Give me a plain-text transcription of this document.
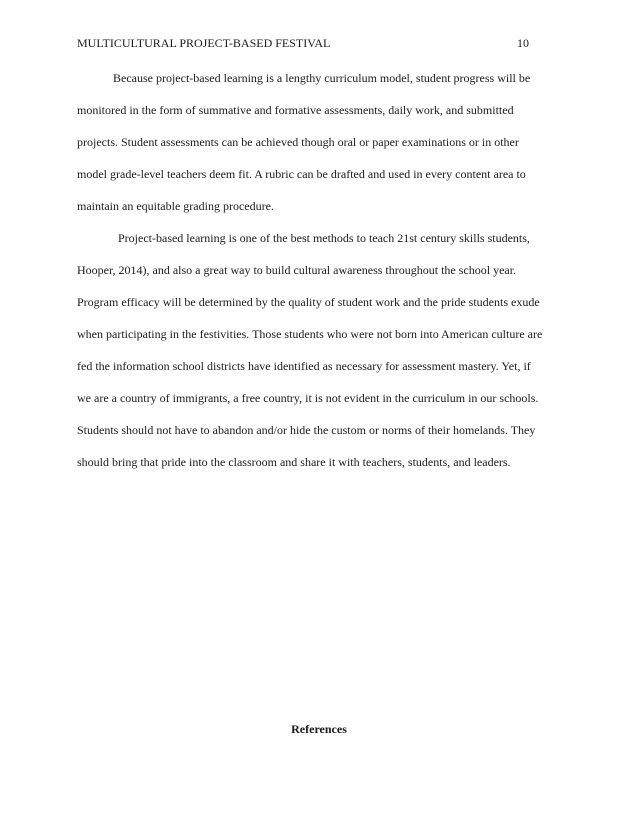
MULTICULTURAL PROJECT-BASED FESTIVAL	10
Because project-based learning is a lengthy curriculum model, student progress will be
monitored in the form of summative and formative assessments, daily work, and submitted
projects. Student assessments can be achieved though oral or paper examinations or in other
model grade-level teachers deem fit. A rubric can be drafted and used in every content area to
maintain an equitable grading procedure.
Project-based learning is one of the best methods to teach 21st century skills students,
Hooper, 2014), and also a great way to build cultural awareness throughout the school year.
Program efficacy will be determined by the quality of student work and the pride students exude
when participating in the festivities. Those students who were not born into American culture are
fed the information school districts have identified as necessary for assessment mastery. Yet, if
we are a country of immigrants, a free country, it is not evident in the curriculum in our schools.
Students should not have to abandon and/or hide the custom or norms of their homelands. They
should bring that pride into the classroom and share it with teachers, students, and leaders.
References
